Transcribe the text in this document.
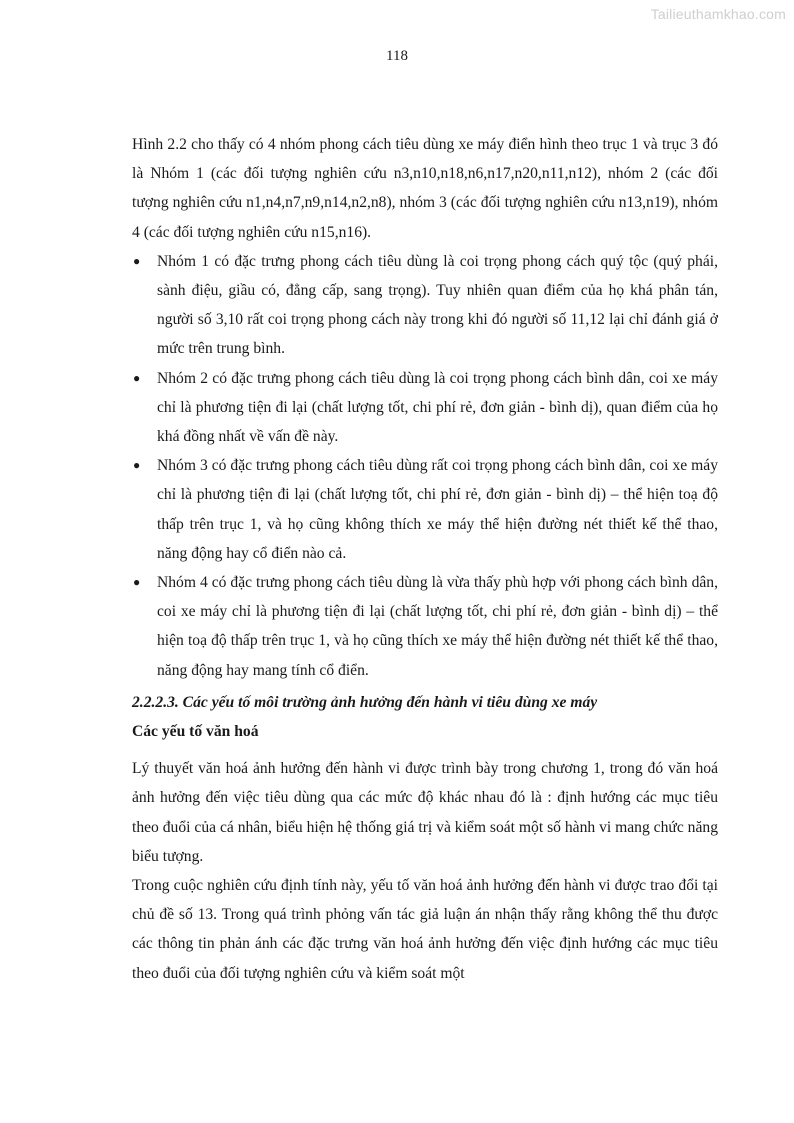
Tailieuthamkhao.com
118

Hình 2.2 cho thấy có 4 nhóm phong cách tiêu dùng xe máy điển hình theo trục 1 và trục 3 đó là Nhóm 1 (các đối tượng nghiên cứu n3,n10,n18,n6,n17,n20,n11,n12), nhóm 2 (các đối tượng nghiên cứu n1,n4,n7,n9,n14,n2,n8), nhóm 3 (các đối tượng nghiên cứu n13,n19), nhóm 4 (các đối tượng nghiên cứu n15,n16).

● Nhóm 1 có đặc trưng phong cách tiêu dùng là coi trọng phong cách quý tộc (quý phái, sành điệu, giầu có, đẳng cấp, sang trọng). Tuy nhiên quan điểm của họ khá phân tán, người số 3,10 rất coi trọng phong cách này trong khi đó người số 11,12 lại chỉ đánh giá ở mức trên trung bình.
● Nhóm 2 có đặc trưng phong cách tiêu dùng là coi trọng phong cách bình dân, coi xe máy chỉ là phương tiện đi lại (chất lượng tốt, chi phí rẻ, đơn giản - bình dị), quan điểm của họ khá đồng nhất về vấn đề này.
● Nhóm 3 có đặc trưng phong cách tiêu dùng rất coi trọng phong cách bình dân, coi xe máy chỉ là phương tiện đi lại (chất lượng tốt, chi phí rẻ, đơn giản - bình dị) – thể hiện toạ độ thấp trên trục 1, và họ cũng không thích xe máy thể hiện đường nét thiết kế thể thao, năng động hay cổ điển nào cả.
● Nhóm 4 có đặc trưng phong cách tiêu dùng là vừa thấy phù hợp với phong cách bình dân, coi xe máy chỉ là phương tiện đi lại (chất lượng tốt, chi phí rẻ, đơn giản - bình dị) – thể hiện toạ độ thấp trên trục 1, và họ cũng thích xe máy thể hiện đường nét thiết kế thể thao, năng động hay mang tính cổ điển.

2.2.2.3. Các yếu tố môi trường ảnh hưởng đến hành vi tiêu dùng xe máy

Các yếu tố văn hoá

Lý thuyết văn hoá ảnh hưởng đến hành vi được trình bày trong chương 1, trong đó văn hoá ảnh hưởng đến việc tiêu dùng qua các mức độ khác nhau đó là : định hướng các mục tiêu theo đuổi của cá nhân, biểu hiện hệ thống giá trị và kiểm soát một số hành vi mang chức năng biểu tượng.

Trong cuộc nghiên cứu định tính này, yếu tố văn hoá ảnh hưởng đến hành vi được trao đổi tại chủ đề số 13. Trong quá trình phỏng vấn tác giả luận án nhận thấy rằng không thể thu được các thông tin phản ánh các đặc trưng văn hoá ảnh hưởng đến việc định hướng các mục tiêu theo đuổi của đối tượng nghiên cứu và kiểm soát một
